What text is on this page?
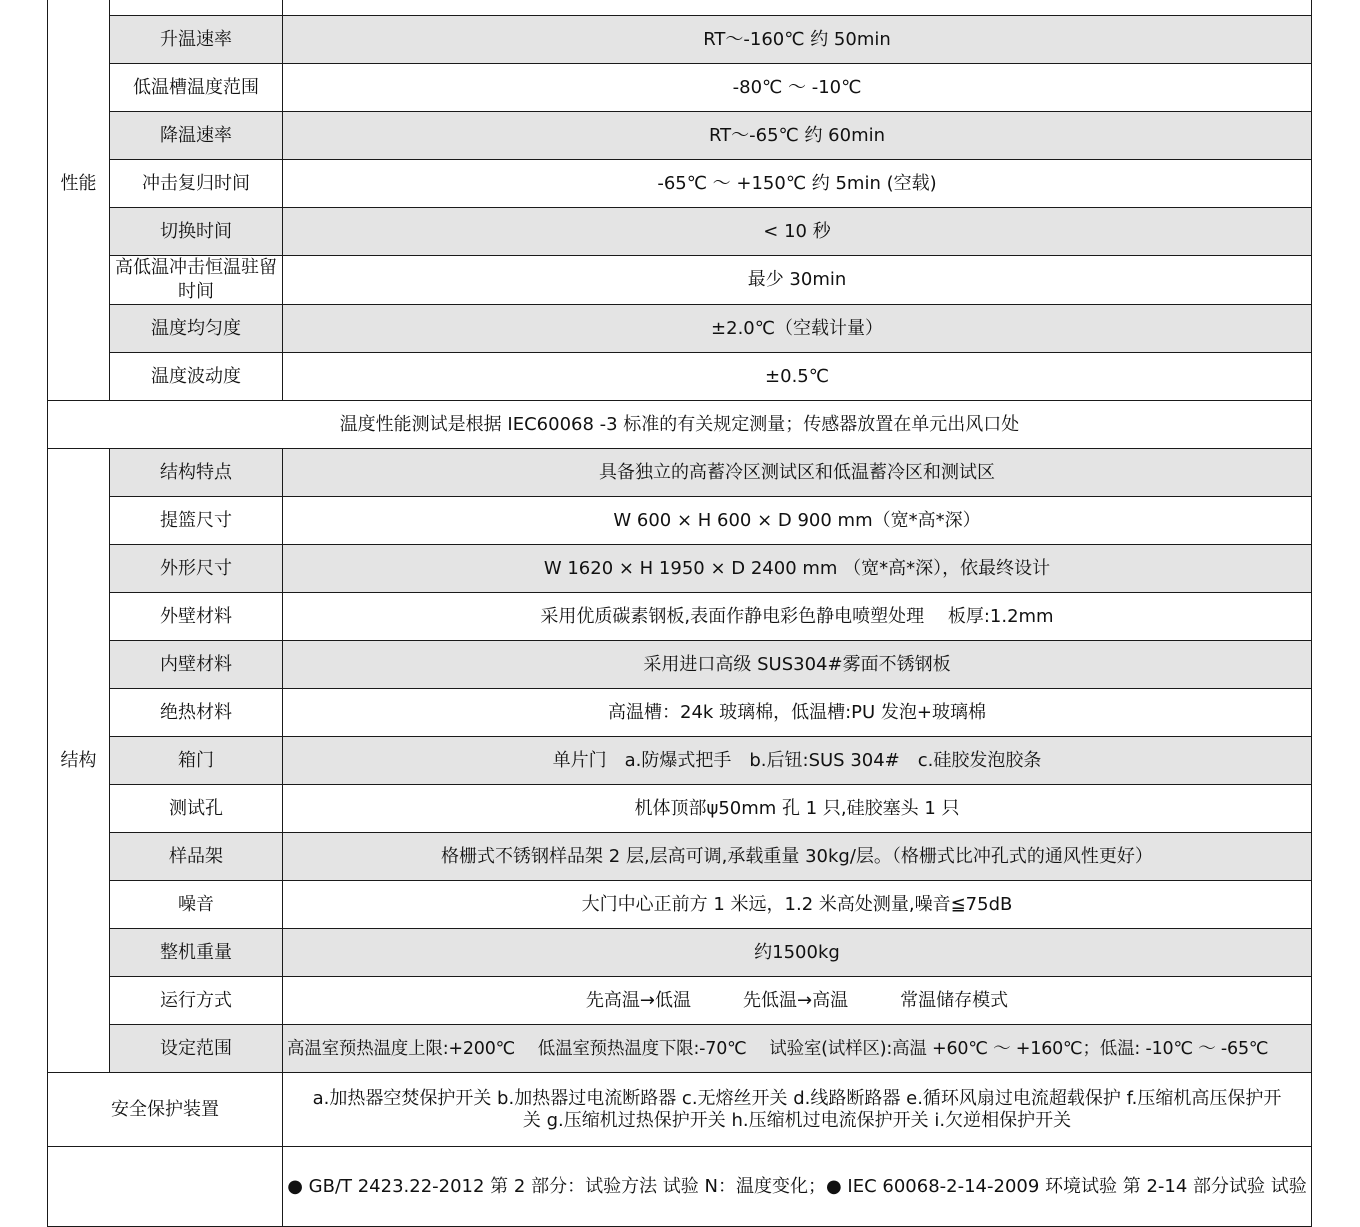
性能		
	升温速率	RT～-160℃ 约 50min
	低温槽温度范围	-80℃ ～ -10℃
	降温速率	RT～-65℃ 约 60min
	冲击复归时间	-65℃ ～ +150℃ 约 5min (空载)
	切换时间	< 10 秒

	高低温冲击恒温驻留时间	最少 30min
	温度均匀度	±2.0℃（空载计量）
	温度波动度	±0.5℃
温度性能测试是根据 IEC60068 -3 标准的有关规定测量；传感器放置在单元出风口处		
结构	结构特点	具备独立的高蓄冷区测试区和低温蓄冷区和测试区
	提篮尺寸	W 600 × H 600 × D 900 mm（宽*高*深）
	外形尺寸	W 1620 × H 1950 × D 2400 mm （宽*高*深），依最终设计
	外壁材料	采用优质碳素钢板,表面作静电彩色静电喷塑处理　 板厚:1.2mm
	内壁材料	采用进口高级 SUS304#雾面不锈钢板
	绝热材料	高温槽：24k 玻璃棉，低温槽:PU 发泡+玻璃棉
	箱门	单片门　a.防爆式把手　b.后钮:SUS 304#　c.硅胶发泡胶条
	测试孔	机体顶部ψ50mm 孔 1 只,硅胶塞头 1 只
	样品架	格栅式不锈钢样品架 2 层,层高可调,承载重量 30kg/层。（格栅式比冲孔式的通风性更好）
	噪音	大门中心正前方 1 米远，1.2 米高处测量,噪音≦75dB
	整机重量	约1500kg
	运行方式	先高温→低温 先低温→高温 常温储存模式
	设定范围	高温室预热温度上限:+200℃　 低温室预热温度下限:-70℃　 试验室(试样区):高温 +60℃ ～ +160℃；低温: -10℃ ～ -65℃
安全保护装置		a.加热器空焚保护开关 b.加热器过电流断路器 c.无熔丝开关 d.线路断路器 e.循环风扇过电流超载保护 f.压缩机高压保护开
关 g.压缩机过热保护开关 h.压缩机过电流保护开关 i.欠逆相保护开关

		● GB/T 2423.22-2012 第 2 部分：试验方法 试验 N：温度变化；● IEC 60068-2-14-2009 环境试验 第 2-14 部分试验 试验
